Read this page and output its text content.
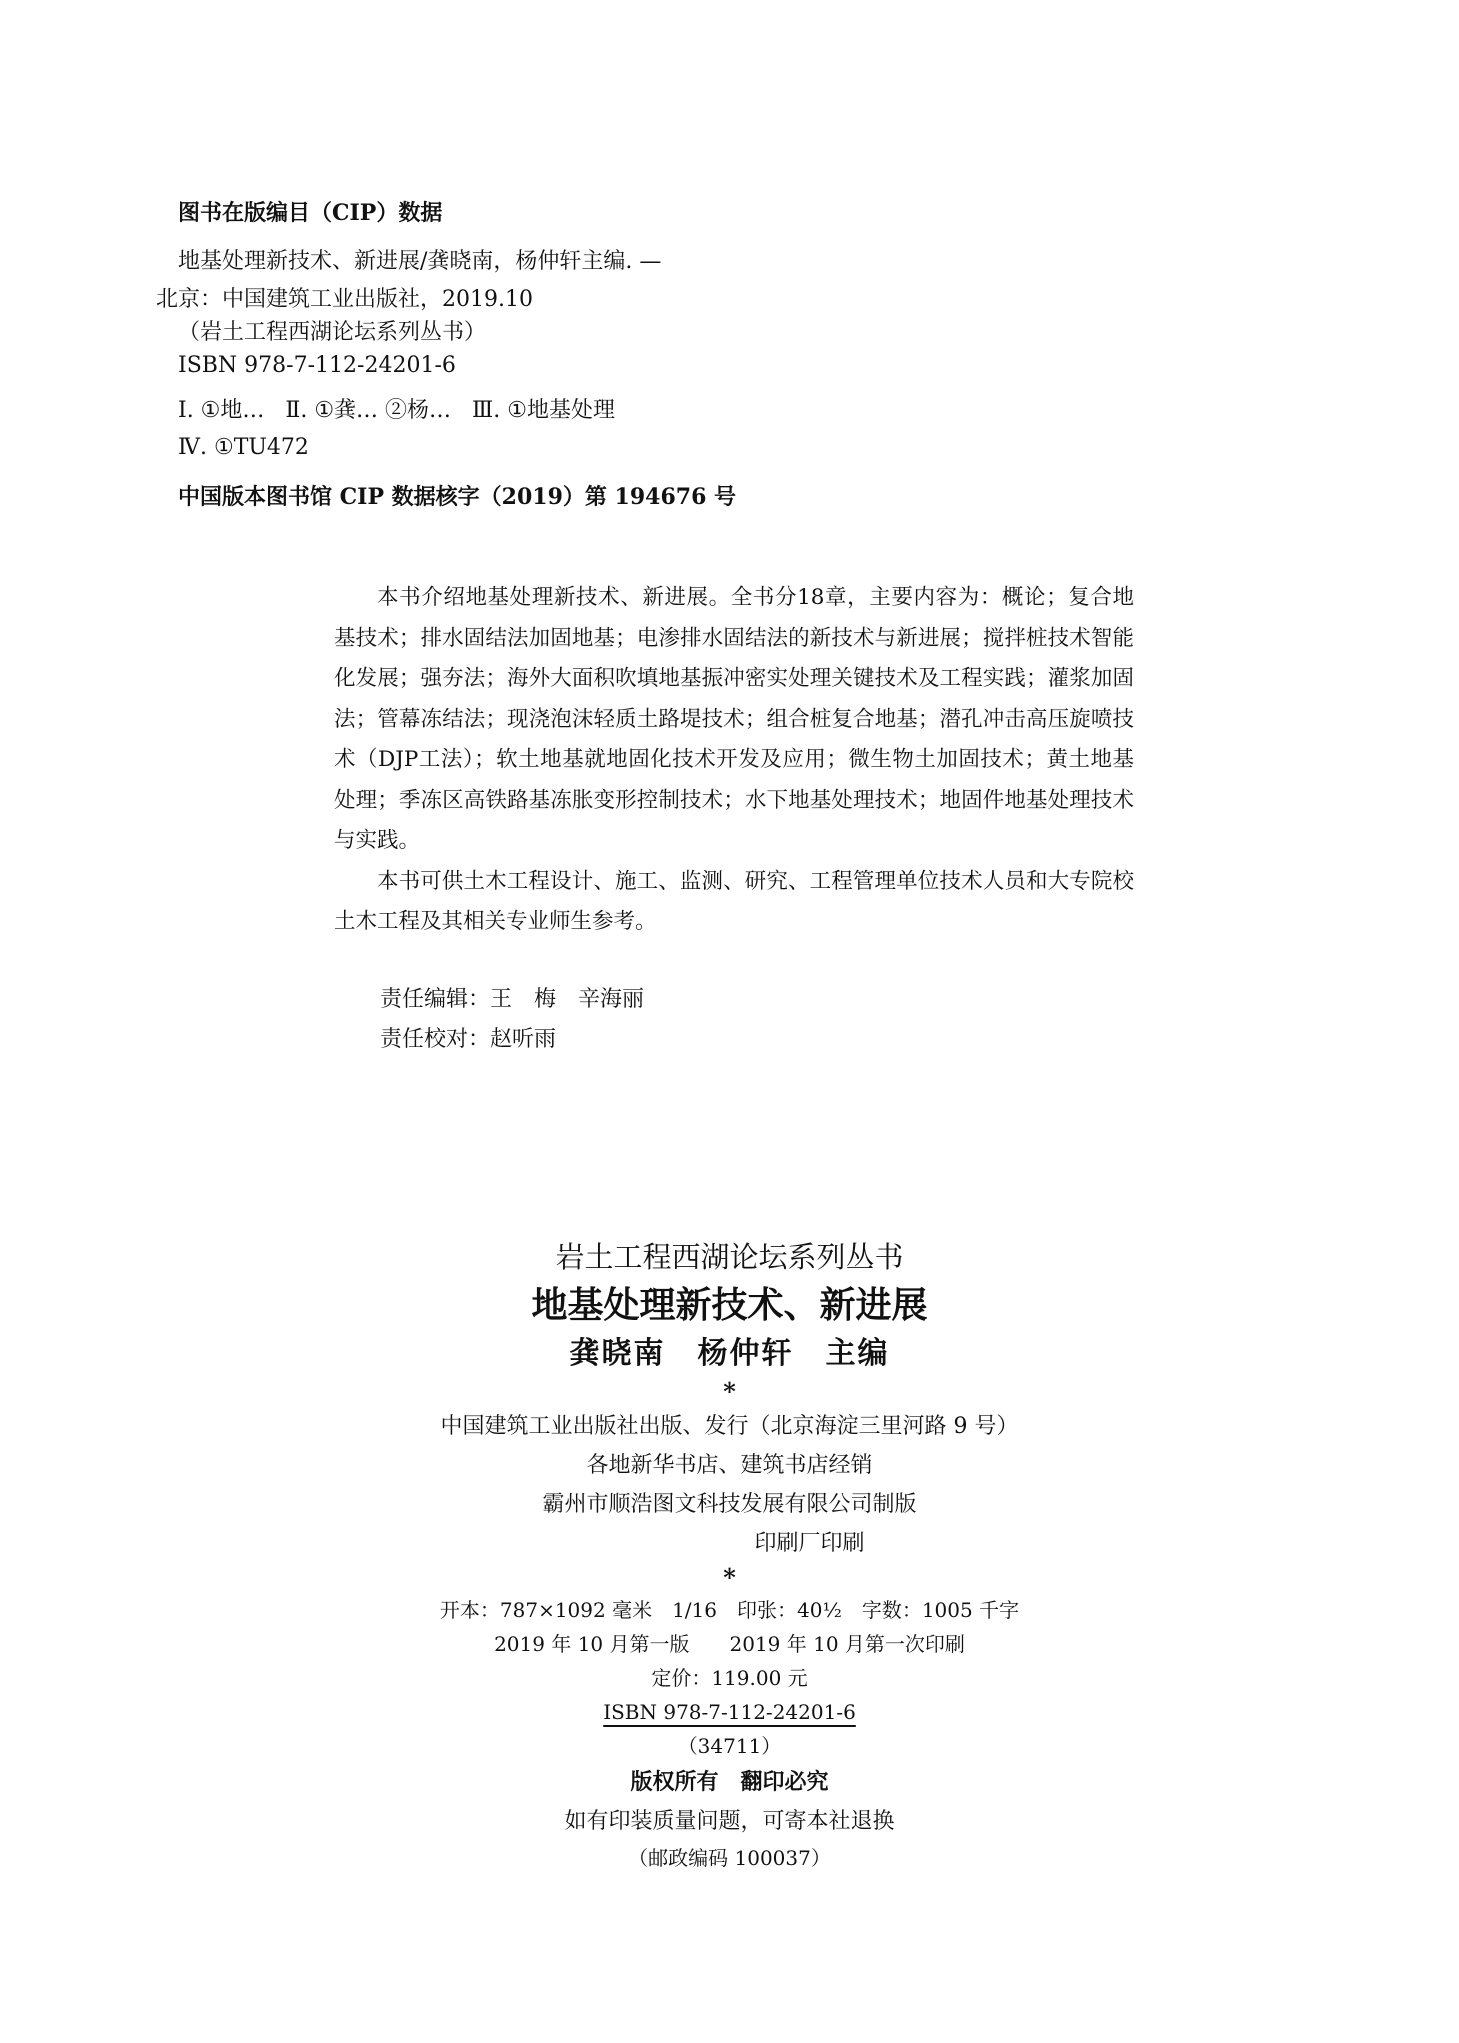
图书在版编目（CIP）数据
地基处理新技术、新进展/龚晓南，杨仲轩主编. —
北京：中国建筑工业出版社，2019.10
（岩土工程西湖论坛系列丛书）
ISBN 978-7-112-24201-6
Ⅰ. ①地…   Ⅱ. ①龚… ②杨…   Ⅲ. ①地基处理
Ⅳ. ①TU472
中国版本图书馆 CIP 数据核字（2019）第 194676 号

本书介绍地基处理新技术、新进展。全书分18章，主要内容为：概论；复合地基技术；排水固结法加固地基；电渗排水固结法的新技术与新进展；搅拌桩技术智能化发展；强夯法；海外大面积吹填地基振冲密实处理关键技术及工程实践；灌浆加固法；管幕冻结法；现浇泡沫轻质土路堤技术；组合桩复合地基；潜孔冲击高压旋喷技术（DJP工法）；软土地基就地固化技术开发及应用；微生物土加固技术；黄土地基处理；季冻区高铁路基冻胀变形控制技术；水下地基处理技术；地固件地基处理技术与实践。

本书可供土木工程设计、施工、监测、研究、工程管理单位技术人员和大专院校土木工程及其相关专业师生参考。

责任编辑：王　梅　辛海丽
责任校对：赵听雨
岩土工程西湖论坛系列丛书
地基处理新技术、新进展
龚晓南　杨仲轩　主编
*
中国建筑工业出版社出版、发行（北京海淀三里河路 9 号）
各地新华书店、建筑书店经销
霸州市顺浩图文科技发展有限公司制版
印刷厂印刷
*
开本：787×1092 毫米　1/16　印张：40½　字数：1005 千字
2019 年 10 月第一版　　2019 年 10 月第一次印刷
定价：119.00 元
ISBN 978-7-112-24201-6
（34711）
版权所有　翻印必究
如有印装质量问题，可寄本社退换
（邮政编码 100037）
